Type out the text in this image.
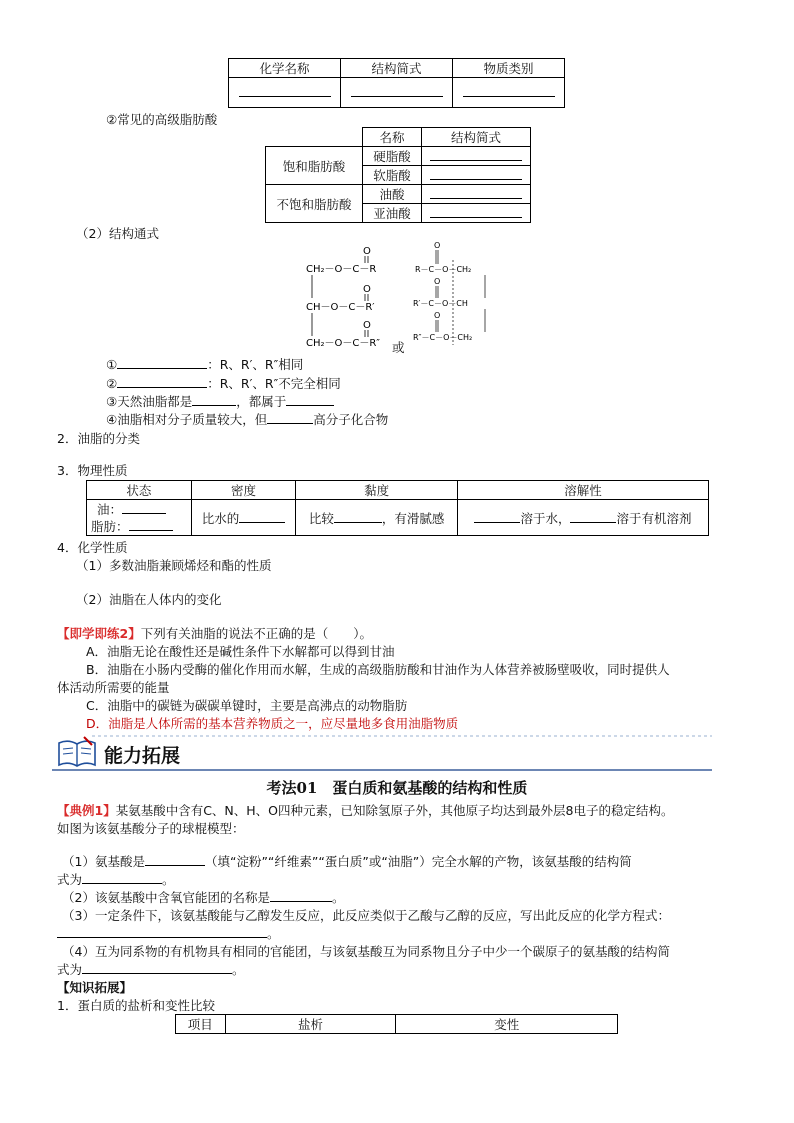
化学名称	结构简式	物质类别

②常见的高级脂肪酸
	名称	结构简式
饱和脂肪酸	硬脂酸	
	软脂酸	
不饱和脂肪酸	油酸	
	亚油酸	
（2）结构通式
CH₂－O－C－R
O
CH－O－C－R′
O
CH₂－O－C－R″
O
R－C－O－CH₂
O
R′－C－O－CH
O
R″－C－O－CH₂
O
或
①	：R、R′、R″相同
②	：R、R′、R″不完全相同
③天然油脂都是	，都属于
④油脂相对分子质量较大，但	高分子化合物
2．油脂的分类
3．物理性质
状态	密度	黏度	溶解性

油：
脂肪：	比水的	比较 ，有滑腻感	溶于水， 溶于有机溶剂
4．化学性质
（1）多数油脂兼顾烯烃和酯的性质
（2）油脂在人体内的变化
【即学即练2】下列有关油脂的说法不正确的是（　　）。
A．油脂无论在酸性还是碱性条件下水解都可以得到甘油
B．油脂在小肠内受酶的催化作用而水解，生成的高级脂肪酸和甘油作为人体营养被肠壁吸收，同时提供人
体活动所需要的能量
C．油脂中的碳链为碳碳单键时，主要是高沸点的动物脂肪
D．油脂是人体所需的基本营养物质之一，应尽量地多食用油脂物质
能力拓展
考法01　蛋白质和氨基酸的结构和性质
【典例1】某氨基酸中含有C、N、H、O四种元素，已知除氢原子外，其他原子均达到最外层8电子的稳定结构。
如图为该氨基酸分子的球棍模型：
（1）氨基酸是	（填“淀粉”“纤维素”“蛋白质”或“油脂”）完全水解的产物，该氨基酸的结构简
式为	。
（2）该氨基酸中含氧官能团的名称是	。
（3）一定条件下，该氨基酸能与乙醇发生反应，此反应类似于乙酸与乙醇的反应，写出此反应的化学方程式：
。
（4）互为同系物的有机物具有相同的官能团，与该氨基酸互为同系物且分子中少一个碳原子的氨基酸的结构简
式为	。
【知识拓展】
1．蛋白质的盐析和变性比较
项目	盐析	变性
